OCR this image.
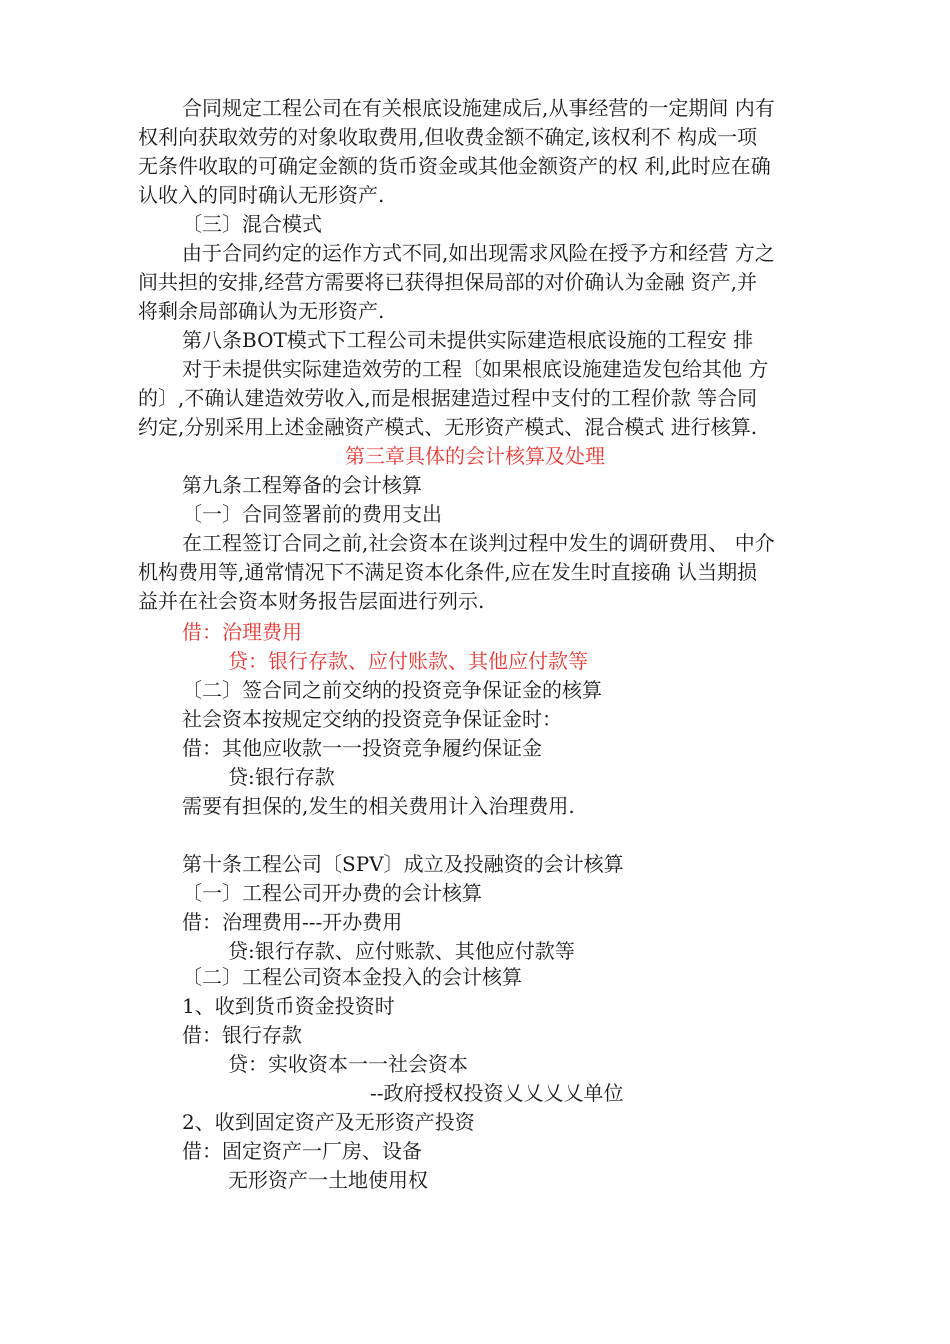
合同规定工程公司在有关根底设施建成后,从事经营的一定期间 内有
权利向获取效劳的对象收取费用,但收费金额不确定,该权利不 构成一项
无条件收取的可确定金额的货币资金或其他金额资产的权 利,此时应在确
认收入的同时确认无形资产.
〔三〕混合模式
由于合同约定的运作方式不同,如出现需求风险在授予方和经营 方之
间共担的安排,经营方需要将已获得担保局部的对价确认为金融 资产,并
将剩余局部确认为无形资产.
第八条BOT模式下工程公司未提供实际建造根底设施的工程安 排
对于未提供实际建造效劳的工程〔如果根底设施建造发包给其他 方
的〕,不确认建造效劳收入,而是根据建造过程中支付的工程价款 等合同
约定,分别采用上述金融资产模式、无形资产模式、混合模式 进行核算.
第三章具体的会计核算及处理
第九条工程筹备的会计核算
〔一〕合同签署前的费用支出
在工程签订合同之前,社会资本在谈判过程中发生的调研费用、 中介
机构费用等,通常情况下不满足资本化条件,应在发生时直接确 认当期损
益并在社会资本财务报告层面进行列示.
借：治理费用
贷：银行存款、应付账款、其他应付款等
〔二〕签合同之前交纳的投资竞争保证金的核算
社会资本按规定交纳的投资竞争保证金时：
借：其他应收款一一投资竞争履约保证金
贷:银行存款
需要有担保的,发生的相关费用计入治理费用.
第十条工程公司〔SPV〕成立及投融资的会计核算
〔一〕工程公司开办费的会计核算
借：治理费用---开办费用
贷:银行存款、应付账款、其他应付款等
〔二〕工程公司资本金投入的会计核算
1、收到货币资金投资时
借：银行存款
贷：实收资本一一社会资本
--政府授权投资乂乂乂乂单位
2、收到固定资产及无形资产投资
借：固定资产一厂房、设备
无形资产一土地使用权
